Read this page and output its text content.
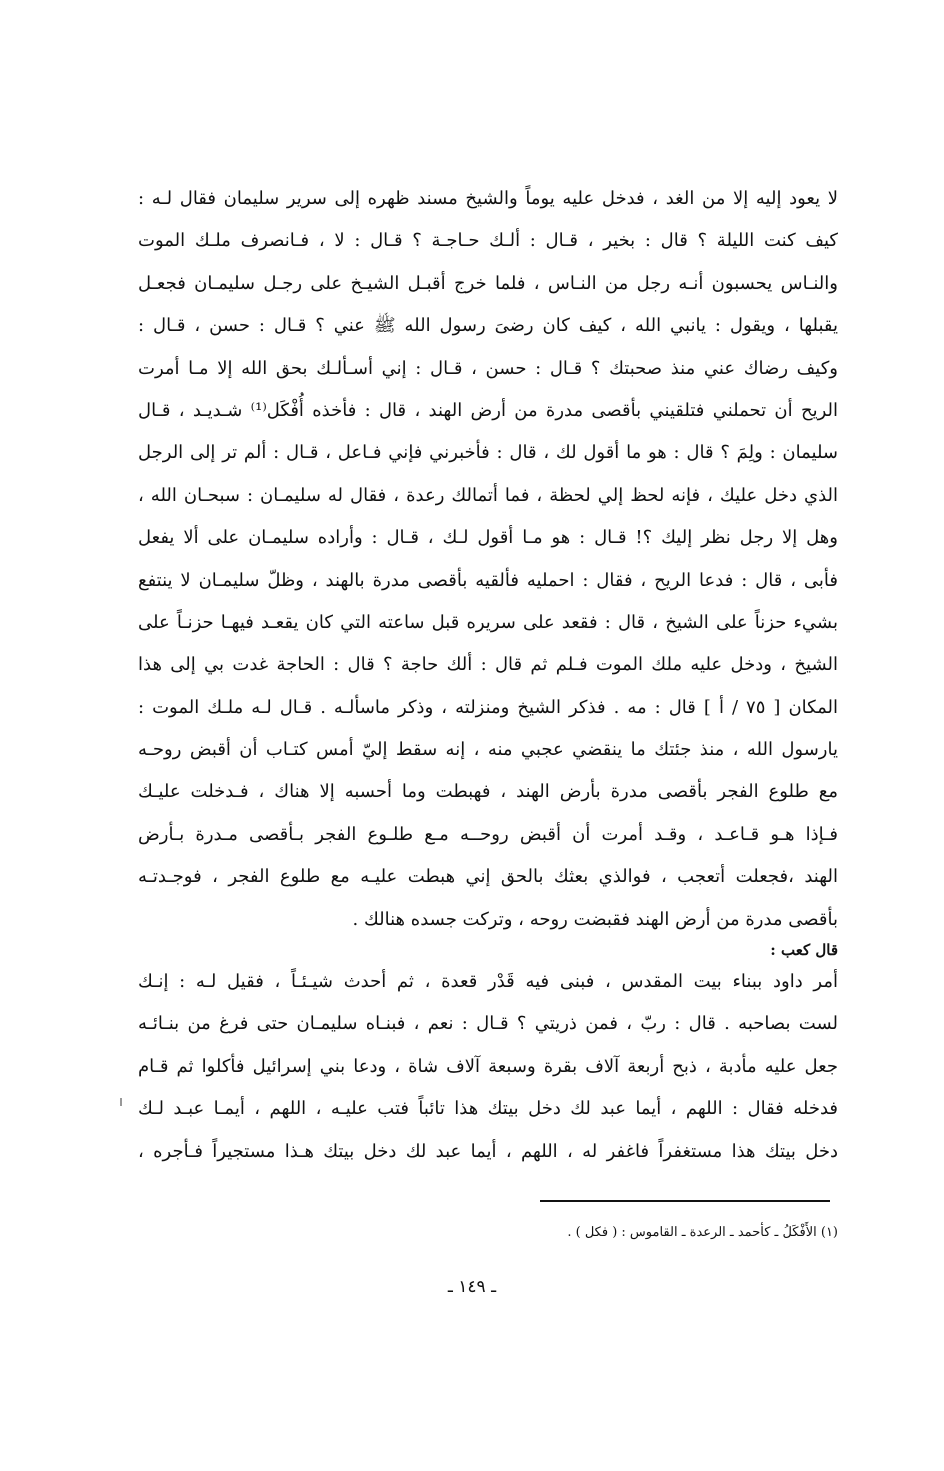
لا يعود إليه إلا من الغد ، فدخل عليه يوماً والشيخ مسند ظهره إلى سرير سليمان فقال لـه :
كيف كنت الليلة ؟ قال : بخير ، قـال : ألـك حـاجـة ؟ قـال : لا ، فـانصرف ملـك الموت
والنـاس يحسبون أنـه رجل من النـاس ، فلما خرج أقبـل الشيـخ على رجـل سليمـان فجعـل
يقبلها ، ويقول : يانبي الله ، كيف كان رضىَ رسول الله ﷺ عني ؟ قـال : حسن ، قـال :
وكيف رضاك عني منذ صحبتك ؟ قـال : حسن ، قـال : إني أسـألـك بحق الله إلا مـا أمرت
الريح أن تحملني فتلقيني بأقصى مدرة من أرض الهند ، قال : فأخذه أُفْكَل⁽¹⁾ شـديـد ، قـال
سليمان : ولِمَ ؟ قال : هو ما أقول لك ، قال : فأخبرني فإني فـاعل ، قـال : ألم تر إلى الرجل
الذي دخل عليك ، فإنه لحظ إلي لحظة ، فما أتمالك رعدة ، فقال له سليمـان : سبحـان الله ،
وهل إلا رجل نظر إليك ؟! قـال : هو مـا أقول لـك ، قـال : وأراده سليمـان على ألا يفعل
فأبى ، قال : فدعا الريح ، فقال : احمليه فألقيه بأقصى مدرة بالهند ، وظلّ سليمـان لا ينتفع
بشيء حزناً على الشيخ ، قال : فقعد على سريره قبل ساعته التي كان يقعـد فيهـا حزنـاً على
الشيخ ، ودخل عليه ملك الموت فـلم ثم قال : ألك حاجة ؟ قال : الحاجة غدت بي إلى هذا
المكان [ ٧٥ / أ ] قال : مه . فذكر الشيخ ومنزلته ، وذكر ماسألـه . قـال لـه ملـك الموت :
يارسول الله ، منذ جئتك ما ينقضي عجبي منه ، إنه سقط إليّ أمس كتـاب أن أقبض روحـه
مع طلوع الفجر بأقصى مدرة بأرض الهند ، فهبطت وما أحسبه إلا هناك ، فـدخلت عليـك
فـإذا هـو قـاعـد ، وقـد أمرت أن أقبض روحــه مـع طلـوع الفجر بـأقصى مـدرة بـأرض
الهند ،فجعلت أتعجب ، فوالذي بعثك بالحق إني هبطت عليـه مع طلوع الفجر ، فوجـدتـه
بأقصى مدرة من أرض الهند فقبضت روحه ، وتركت جسده هنالك .
قال كعب :
أمر داود ببناء بيت المقدس ، فبنى فيه قَدْر قعدة ، ثم أحدث شيـئـاً ، فقيل لـه : إنـك
لست بصاحبه . قال : ربّ ، فمن ذريتي ؟ قـال : نعم ، فبنـاه سليمـان حتى فرغ من بنـائـه
جعل عليه مأدبة ، ذبح أربعة آلاف بقرة وسبعة آلاف شاة ، ودعا بني إسرائيل فأكلوا ثم قـام
فدخله فقال : اللهم ، أيما عبد لك دخل بيتك هذا تائباً فتب عليـه ، اللهم ، أيمـا عبـد لـك
دخل بيتك هذا مستغفراً فاغفر له ، اللهم ، أيما عبد لك دخل بيتك هـذا مستجيراً فـأجره ،
(١) الأَفْكَلُ ـ كأحمد ـ الرعدة ـ القاموس : ( فكل ) .
ـ ١٤٩ ـ
